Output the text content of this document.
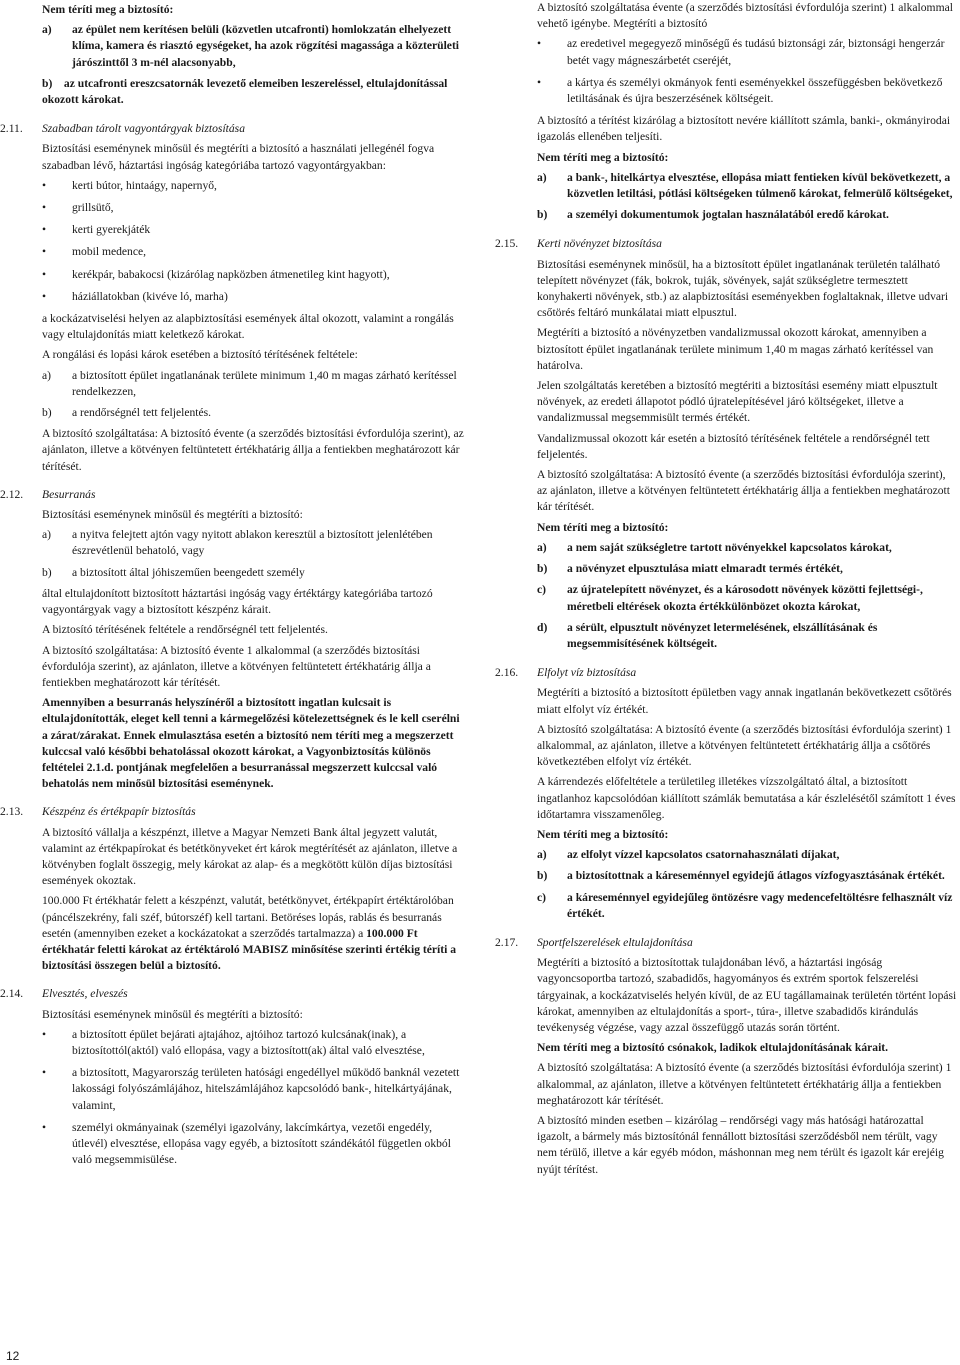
Nem téríti meg a biztosító:

a) az épület nem kerítésen belüli (közvetlen utcafronti) homlokzatán elhelyezett klíma, kamera és riasztó egységeket, ha azok rögzítési magassága a közterületi járószinttől 3 m-nél alacsonyabb,
b) az utcafronti ereszcsatornák levezető elemeiben leszereléssel, eltulajdonítással okozott károkat.
2.11. Szabadban tárolt vagyontárgyak biztosítása

Biztosítási eseménynek minősül és megtéríti a biztosító a használati jellegénél fogva szabadban lévő, háztartási ingóság kategóriába tartozó vagyontárgyakban:

• kerti bútor, hintaágy, napernyő,
• grillsütő,
• kerti gyerekjáték
• mobil medence,
• kerékpár, babakocsi (kizárólag napközben átmenetileg kint hagyott),
• háziállatokban (kivéve ló, marha)

a kockázatviselési helyen az alapbiztosítási események által okozott, valamint a rongálás vagy eltulajdonítás miatt keletkező károkat.

A rongálási és lopási károk esetében a biztosító térítésének feltétele:

a) a biztosított épület ingatlanának területe minimum 1,40 m magas zárható kerítéssel rendelkezzen,
b) a rendőrségnél tett feljelentés.

A biztosító szolgáltatása: A biztosító évente (a szerződés biztosítási évfordulója szerint), az ajánlaton, illetve a kötvényen feltüntetett értékhatárig állja a fentiekben meghatározott kár térítését.

2.12. Besurranás

Biztosítási eseménynek minősül és megtéríti a biztosító:

a) a nyitva felejtett ajtón vagy nyitott ablakon keresztül a biztosított jelenlétében észrevétlenül behatoló, vagy
b) a biztosított által jóhiszeműen beengedett személy

által eltulajdonított biztosított háztartási ingóság vagy értéktárgy kategóriába tartozó vagyontárgyak vagy a biztosított készpénz kárait.

A biztosító térítésének feltétele a rendőrségnél tett feljelentés.

A biztosító szolgáltatása: A biztosító évente 1 alkalommal (a szerződés biztosítási évfordulója szerint), az ajánlaton, illetve a kötvényen feltüntetett értékhatárig állja a fentiekben meghatározott kár térítését.

Amennyiben a besurranás helyszínéről a biztosított ingatlan kulcsait is eltulajdonították, eleget kell tenni a kármegelőzési kötelezettségnek és le kell cserélni a zárat/zárakat. Ennek elmulasztása esetén a biztosító nem téríti meg a megszerzett kulccsal való későbbi behatolással okozott károkat, a Vagyonbiztosítás különös feltételei 2.1.d. pontjának megfelelően a besurranással megszerzett kulccsal való behatolás nem minősül biztosítási eseménynek.

2.13. Készpénz és értékpapír biztosítás

A biztosító vállalja a készpénzt, illetve a Magyar Nemzeti Bank által jegyzett valutát, valamint az értékpapírokat és betétkönyveket ért károk megtérítését az ajánlaton, illetve a kötvényben foglalt összegig, mely károkat az alap- és a megkötött külön díjas biztosítási események okoztak.

100.000 Ft értékhatár felett a készpénzt, valutát, betétkönyvet, értékpapírt értéktárolóban (páncélszekrény, fali széf, bútorszéf) kell tartani. Betöréses lopás, rablás és besurranás esetén (amennyiben ezeket a kockázatokat a szerződés tartalmazza) a 100.000 Ft értékhatár feletti károkat az értéktároló MABISZ minősítése szerinti értékig téríti a biztosítási összegen belül a biztosító.

2.14. Elvesztés, elveszés

Biztosítási eseménynek minősül és megtéríti a biztosító:

• a biztosított épület bejárati ajtajához, ajtóihoz tartozó kulcsának(inak), a biztosítottól(aktól) való ellopása, vagy a biztosított(ak) által való elvesztése,
• a biztosított, Magyarország területen hatósági engedéllyel működő banknál vezetett lakossági folyószámlájához, hitelszámlájához kapcsolódó bank-, hitelkártyájának, valamint,
• személyi okmányainak (személyi igazolvány, lakcímkártya, vezetői engedély, útlevél) elvesztése, ellopása vagy egyéb, a biztosított szándékától független okból való megsemmisülése.

A biztosító szolgáltatása évente (a szerződés biztosítási évfordulója szerint) 1 alkalommal vehető igénybe. Megtéríti a biztosító

• az eredetivel megegyező minőségű és tudású biztonsági zár, biztonsági hengerzár betét vagy mágneszárbetét cseréjét,
• a kártya és személyi okmányok fenti eseményekkel összefüggésben bekövetkező letiltásának és újra beszerzésének költségeit.

A biztosító a térítést kizárólag a biztosított nevére kiállított számla, banki-, okmányirodai igazolás ellenében teljesíti.

Nem téríti meg a biztosító:

a) a bank-, hitelkártya elvesztése, ellopása miatt fentieken kívül bekövetkezett, a közvetlen letiltási, pótlási költségeken túlmenő károkat, felmerülő költségeket,
b) a személyi dokumentumok jogtalan használatából eredő károkat.
2.15. Kerti növényzet biztosítása

Biztosítási eseménynek minősül, ha a biztosított épület ingatlanának területén található telepített növényzet (fák, bokrok, tuják, sövények, saját szükségletre termesztett konyhakerti növények, stb.) az alapbiztosítási eseményekben foglaltaknak, illetve udvari csőtörés feltáró munkálatai miatt elpusztul.

Megtéríti a biztosító a növényzetben vandalizmussal okozott károkat, amennyiben a biztosított épület ingatlanának területe minimum 1,40 m magas zárható kerítéssel van határolva.

Jelen szolgáltatás keretében a biztosító megtériti a biztosítási esemény miatt elpusztult növények, az eredeti állapotot pódló újratelepítésével járó költségeket, illetve a vandalizmussal megsemmisült termés értékét.

Vandalizmussal okozott kár esetén a biztosító térítésének feltétele a rendőrségnél tett feljelentés.

A biztosító szolgáltatása: A biztosító évente (a szerződés biztosítási évfordulója szerint), az ajánlaton, illetve a kötvényen feltüntetett értékhatárig állja a fentiekben meghatározott kár térítését.

Nem téríti meg a biztosító:

a) a nem saját szükségletre tartott növényekkel kapcsolatos károkat,
b) a növényzet elpusztulása miatt elmaradt termés értékét,
c) az újratelepített növényzet, és a károsodott növények közötti fejlettségi-, méretbeli eltérések okozta értékkülönbözet okozta károkat,
d) a sérült, elpusztult növényzet letermelésének, elszállításának és megsemmisítésének költségeit.
2.16. Elfolyt víz biztosítása

Megtéríti a biztosító a biztosított épületben vagy annak ingatlanán bekövetkezett csőtörés miatt elfolyt víz értékét.

A biztosító szolgáltatása: A biztosító évente (a szerződés biztosítási évfordulója szerint) 1 alkalommal, az ajánlaton, illetve a kötvényen feltüntetett értékhatárig állja a csőtörés következtében elfolyt víz értékét.

A kárrendezés előfeltétele a területileg illetékes vízszolgáltató által, a biztosított ingatlanhoz kapcsolódóan kiállított számlák bemutatása a kár észlelésétől számított 1 éves időtartamra visszamenőleg.

Nem téríti meg a biztosító:

a) az elfolyt vízzel kapcsolatos csatornahasználati díjakat,
b) a biztosítottnak a káreseménnyel egyidejű átlagos vízfogyasztásának értékét.
c) a káreseménnyel egyidejűleg öntözésre vagy medencefeltöltésre felhasznált víz értékét.
2.17. Sportfelszerelések eltulajdonítása

Megtéríti a biztosító a biztosítottak tulajdonában lévő, a háztartási ingóság vagyoncsoportba tartozó, szabadidős, hagyományos és extrém sportok felszerelési tárgyainak, a kockázatviselés helyén kívül, de az EU tagállamainak területén történt lopási károkat, amennyiben az eltulajdonítás a sport-, túra-, illetve szabadidős kirándulás tevékenység végzése, vagy azzal összefüggő utazás során történt.

Nem téríti meg a biztosító csónakok, ladikok eltulajdonításának kárait.

A biztosító szolgáltatása: A biztosító évente (a szerződés biztosítási évfordulója szerint) 1 alkalommal, az ajánlaton, illetve a kötvényen feltüntetett értékhatárig állja a fentiekben meghatározott kár térítését.

A biztosító minden esetben – kizárólag – rendőrségi vagy más hatósági határozattal igazolt, a bármely más biztosítónál fennállott biztosítási szerződésből nem térült, vagy nem térülő, illetve a kár egyéb módon, máshonnan meg nem térült és igazolt kár erejéig nyújt térítést.

12
